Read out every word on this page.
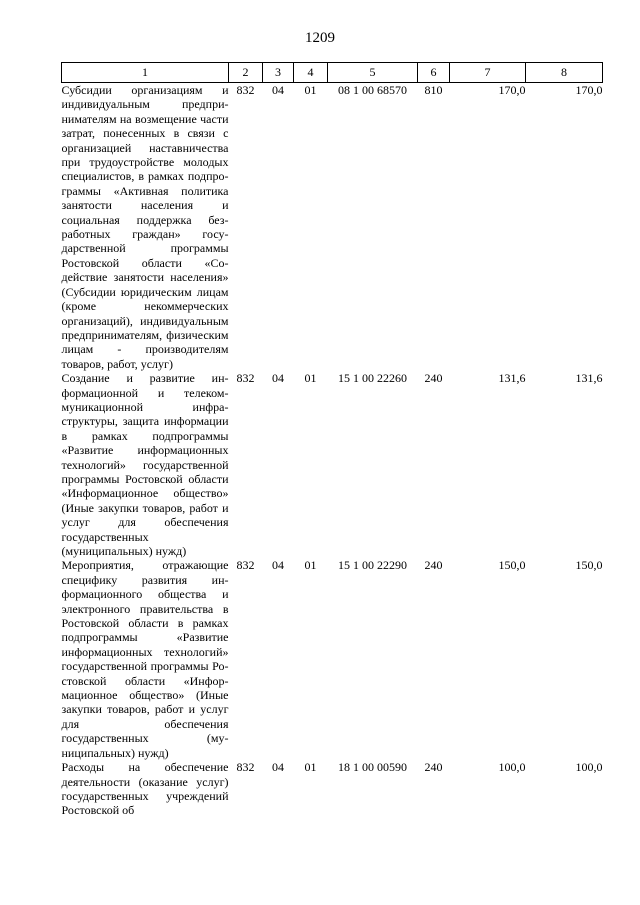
1209
1	2	3	4	5	6	7	8
Субсидии организациям и индивидуальным предпринимателям на возмещение части затрат, понесенных в связи с организацией наставничества при трудоустройстве молодых специалистов, в рамках подпрограммы «Активная политика занятости населения и социальная поддержка безработных граждан» государственной программы Ростовской области «Содействие занятости населения» (Субсидии юридическим лицам (кроме некоммерческих организаций), индивидуальным предпринимателям, физическим лицам - производителям товаров, работ, услуг)	832	04	01	08 1 00 68570	810	170,0	170,0
Создание и развитие информационной и телекоммуникационной инфраструктуры, защита информации в рамках подпрограммы «Развитие информационных технологий» государственной программы Ростовской области «Информационное общество» (Иные закупки товаров, работ и услуг для обеспечения государственных (муниципальных) нужд)	832	04	01	15 1 00 22260	240	131,6	131,6
Мероприятия, отражающие специфику развития информационного общества и электронного правительства в Ростовской области в рамках подпрограммы «Развитие информационных технологий» государственной программы Ростовской области «Информационное общество» (Иные закупки товаров, работ и услуг для обеспечения государственных (муниципальных) нужд)	832	04	01	15 1 00 22290	240	150,0	150,0
Расходы на обеспечение деятельности (оказание услуг) государственных учреждений Ростовской об	832	04	01	18 1 00 00590	240	100,0	100,0
